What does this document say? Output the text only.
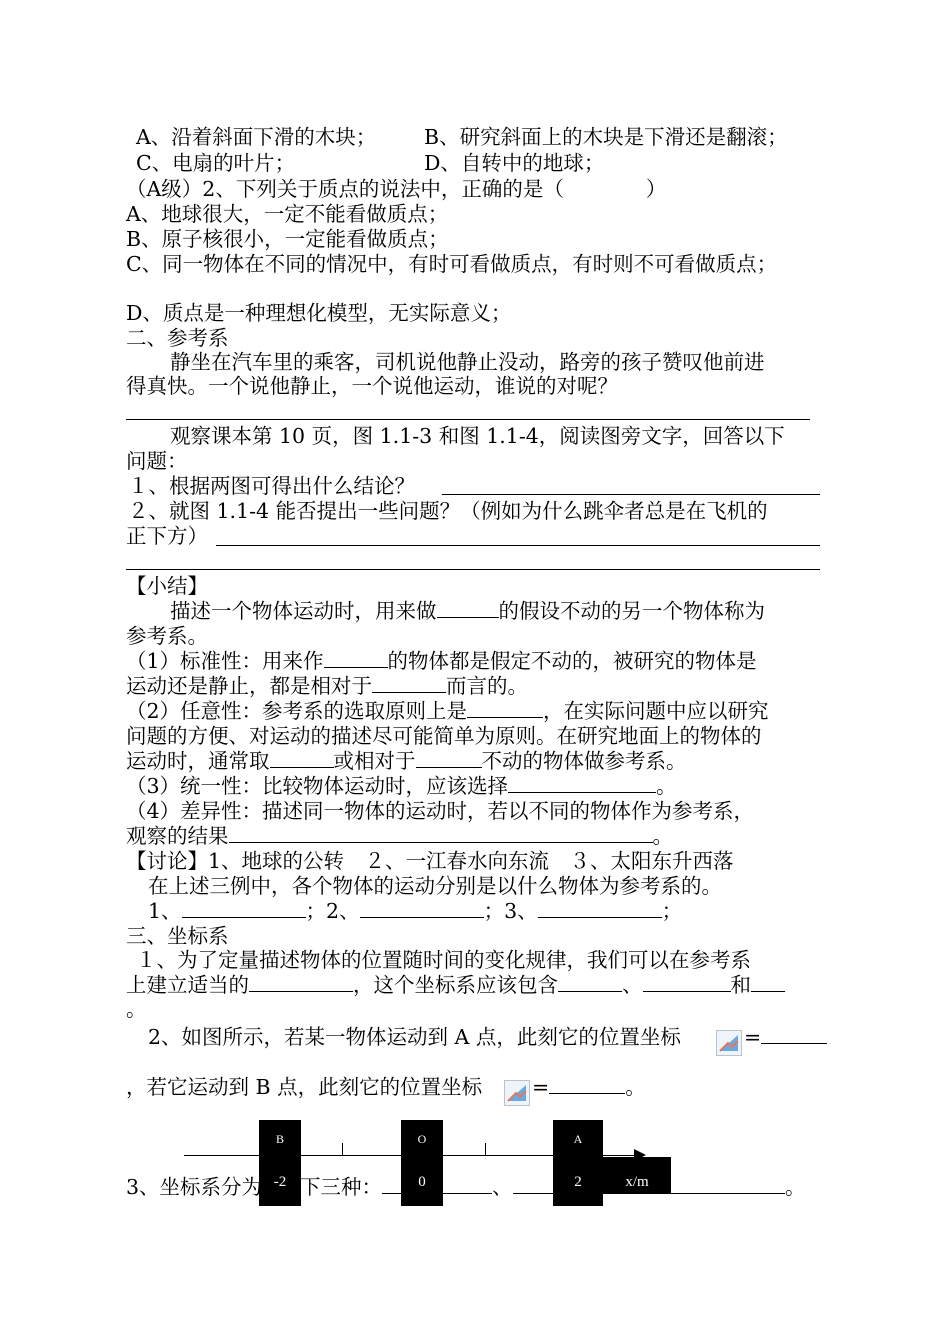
A、沿着斜面下滑的木块； B、研究斜面上的木块是下滑还是翻滚；
C、电扇的叶片；	D、自转中的地球；
（A级）2、下列关于质点的说法中，正确的是（　　　　）
A、地球很大，一定不能看做质点；
B、原子核很小，一定能看做质点；
C、同一物体在不同的情况中，有时可看做质点，有时则不可看做质点；
D、质点是一种理想化模型，无实际意义；
二、参考系
静坐在汽车里的乘客，司机说他静止没动，路旁的孩子赞叹他前进
得真快。一个说他静止，一个说他运动，谁说的对呢？
观察课本第 10 页，图 1.1-3 和图 1.1-4，阅读图旁文字，回答以下
问题：
１、根据两图可得出什么结论？
２、就图 1.1-4 能否提出一些问题？（例如为什么跳伞者总是在飞机的
正下方）
【小结】
描述一个物体运动时，用来做	的假设不动的另一个物体称为
参考系。
（1）标准性：用来作	的物体都是假定不动的，被研究的物体是
运动还是静止，都是相对于	而言的。
（2）任意性：参考系的选取原则上是	，在实际问题中应以研究
问题的方便、对运动的描述尽可能简单为原则。在研究地面上的物体的
运动时，通常取	或相对于	不动的物体做参考系。
（3）统一性：比较物体运动时，应该选择	。
（4）差异性：描述同一物体的运动时，若以不同的物体作为参考系，
观察的结果	。
【讨论】1、地球的公转　２、一江春水向东流　３、太阳东升西落
在上述三例中，各个物体的运动分别是以什么物体为参考系的。
1、	；2、	；3、	；
三、坐标系
１、为了定量描述物体的位置随时间的变化规律，我们可以在参考系
上建立适当的	，这个坐标系应该包含	、	和
。
2、如图所示，若某一物体运动到 A 点，此刻它的位置坐标	=
，若它运动到 B 点，此刻它的位置坐标 =	。
B
-2
O
0
A
2	x/m
3、坐标系分为 下三种：	、	。
